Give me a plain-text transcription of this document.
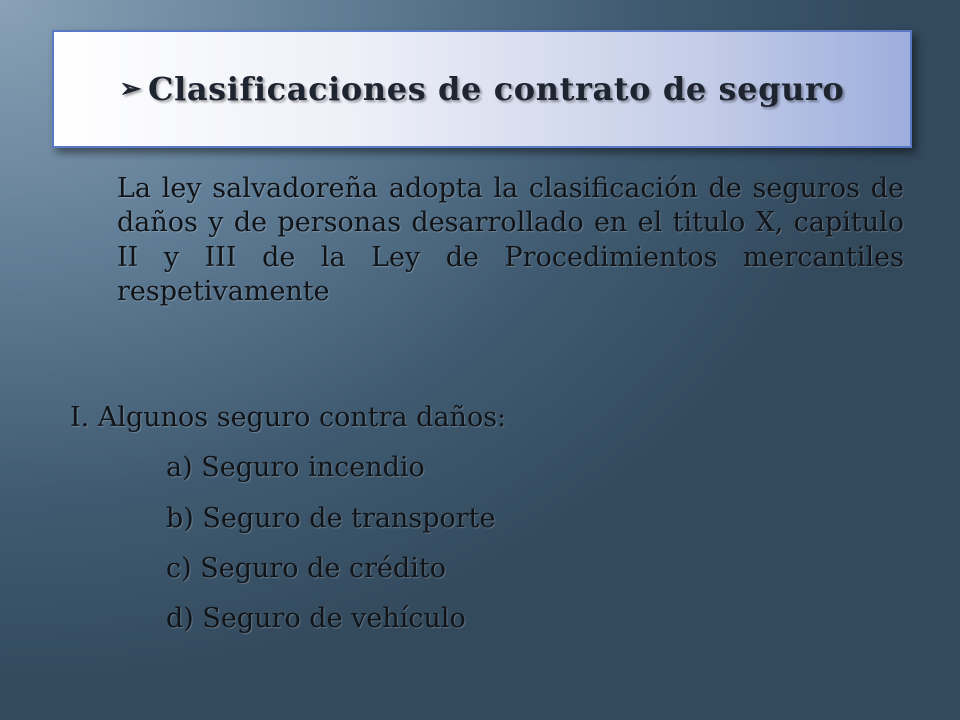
➢ Clasificaciones de contrato de seguro
La ley salvadoreña adopta la clasificación de seguros de daños y de personas desarrollado en el titulo X, capitulo II y III de la Ley de Procedimientos mercantiles respetivamente
I. Algunos seguro contra daños:
a) Seguro incendio
b) Seguro de transporte
c) Seguro de crédito
d) Seguro de vehículo
